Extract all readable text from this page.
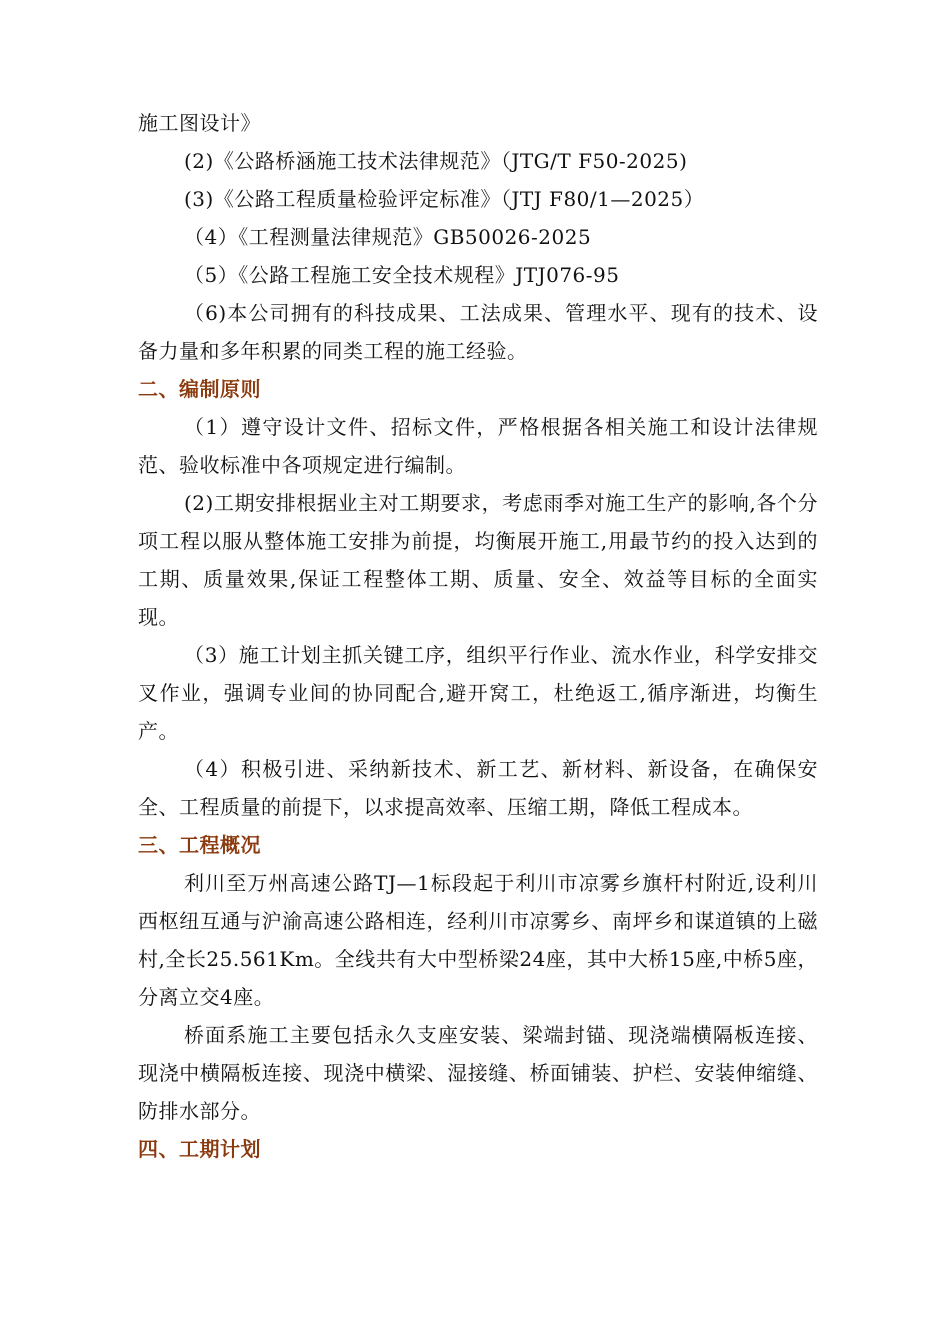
施工图设计》
(2)《公路桥涵施工技术法律规范》（JTG/T F50-2025)
(3)《公路工程质量检验评定标准》（JTJ F80/1—2025）
（4）《工程测量法律规范》GB50026-2025
（5）《公路工程施工安全技术规程》JTJ076-95
（6)本公司拥有的科技成果、工法成果、管理水平、现有的技术、设备力量和多年积累的同类工程的施工经验。
二、编制原则
（1）遵守设计文件、招标文件，严格根据各相关施工和设计法律规范、验收标准中各项规定进行编制。
(2)工期安排根据业主对工期要求，考虑雨季对施工生产的影响,各个分项工程以服从整体施工安排为前提，均衡展开施工,用最节约的投入达到的工期、质量效果,保证工程整体工期、质量、安全、效益等目标的全面实现。
（3）施工计划主抓关键工序，组织平行作业、流水作业，科学安排交叉作业，强调专业间的协同配合,避开窝工，杜绝返工,循序渐进，均衡生产。
（4）积极引进、采纳新技术、新工艺、新材料、新设备，在确保安全、工程质量的前提下，以求提高效率、压缩工期，降低工程成本。
三、工程概况
利川至万州高速公路TJ—1标段起于利川市凉雾乡旗杆村附近,设利川西枢纽互通与沪渝高速公路相连，经利川市凉雾乡、南坪乡和谋道镇的上磁村,全长25.561Km。全线共有大中型桥梁24座，其中大桥15座,中桥5座，分离立交4座。
桥面系施工主要包括永久支座安装、梁端封锚、现浇端横隔板连接、现浇中横隔板连接、现浇中横梁、湿接缝、桥面铺装、护栏、安装伸缩缝、防排水部分。
四、工期计划
